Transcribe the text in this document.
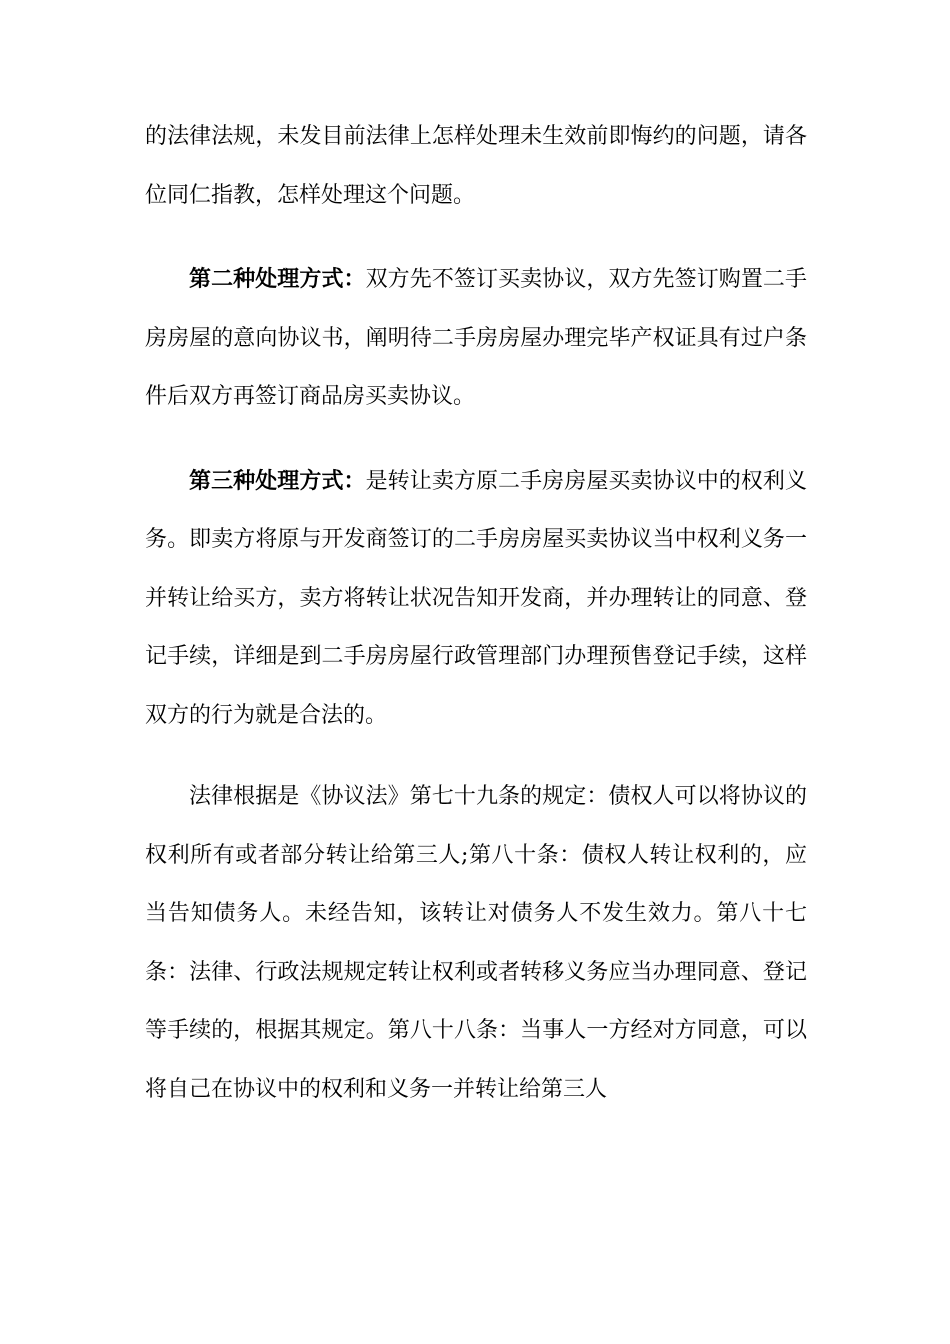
的法律法规，未发目前法律上怎样处理未生效前即悔约的问题，请各位同仁指教，怎样处理这个问题。

第二种处理方式：双方先不签订买卖协议，双方先签订购置二手房房屋的意向协议书，阐明待二手房房屋办理完毕产权证具有过户条件后双方再签订商品房买卖协议。

第三种处理方式：是转让卖方原二手房房屋买卖协议中的权利义务。即卖方将原与开发商签订的二手房房屋买卖协议当中权利义务一并转让给买方，卖方将转让状况告知开发商，并办理转让的同意、登记手续，详细是到二手房房屋行政管理部门办理预售登记手续，这样双方的行为就是合法的。

法律根据是《协议法》第七十九条的规定：债权人可以将协议的权利所有或者部分转让给第三人;第八十条：债权人转让权利的，应当告知债务人。未经告知，该转让对债务人不发生效力。第八十七条：法律、行政法规规定转让权利或者转移义务应当办理同意、登记等手续的，根据其规定。第八十八条：当事人一方经对方同意，可以将自己在协议中的权利和义务一并转让给第三人
